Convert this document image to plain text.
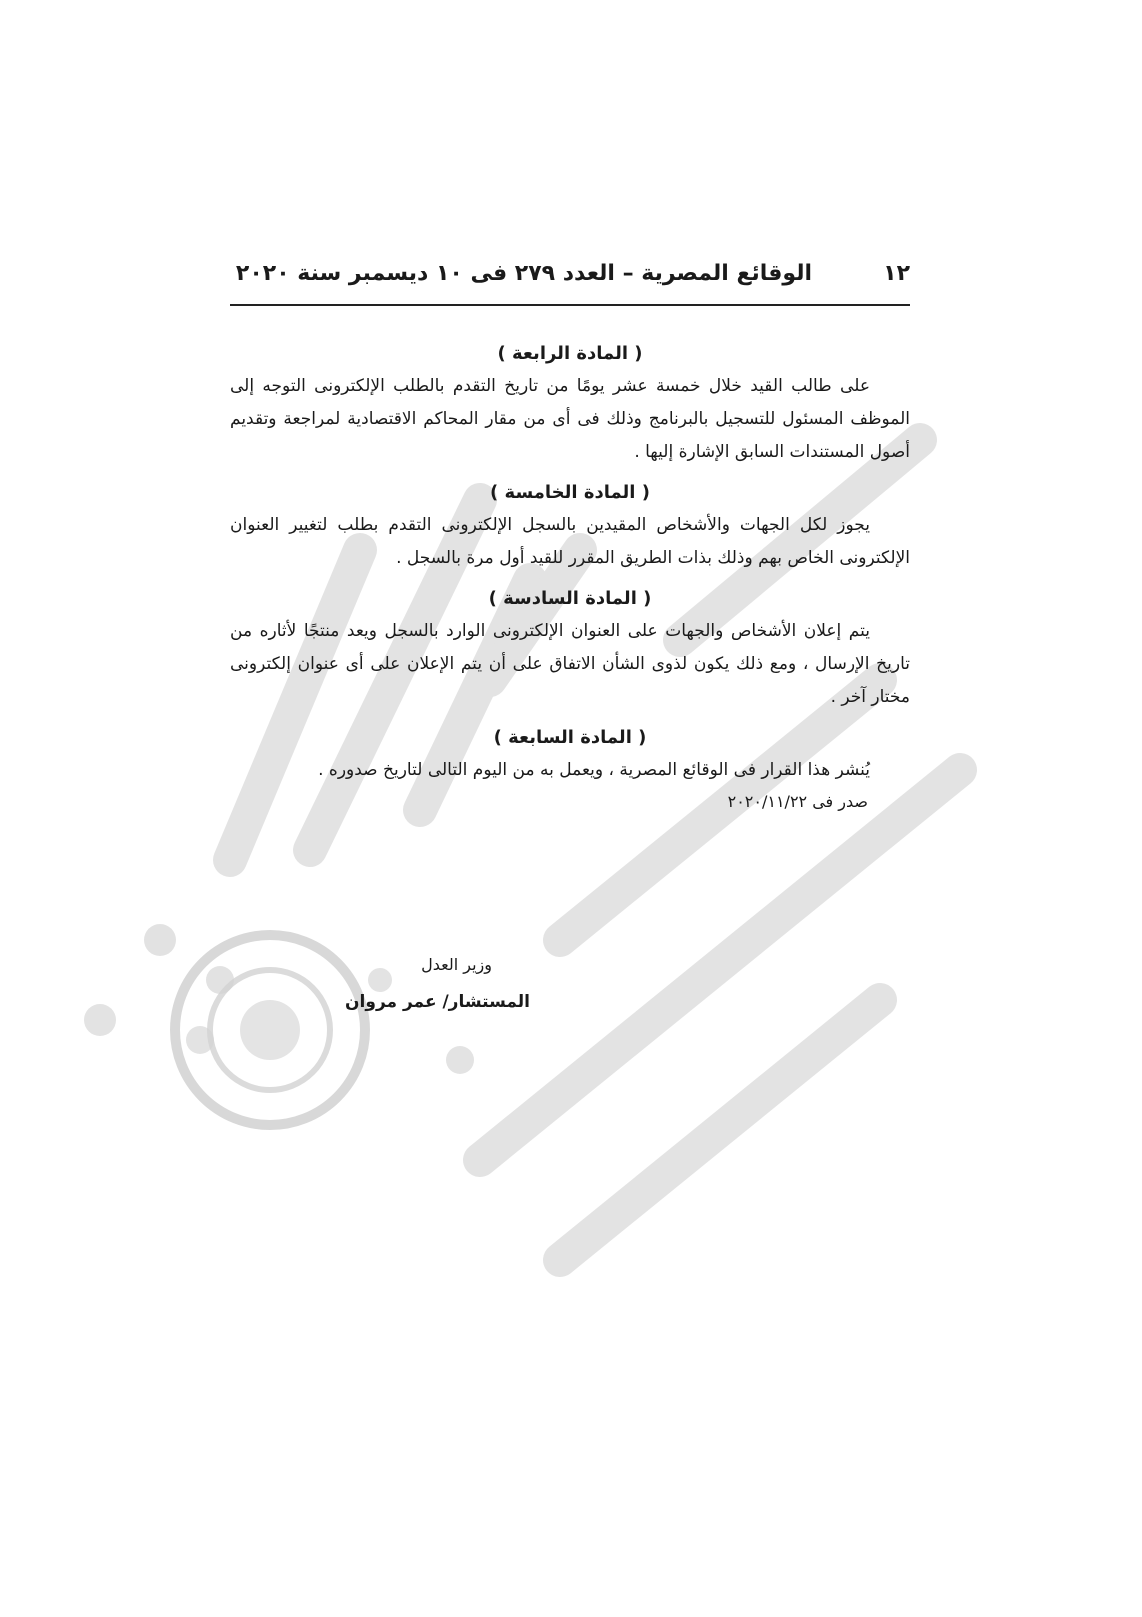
١٢
الوقائع المصرية – العدد ٢٧٩ فى ١٠ ديسمبر سنة ٢٠٢٠
( المادة الرابعة )

على طالب القيد خلال خمسة عشر يومًا من تاريخ التقدم بالطلب الإلكترونى التوجه إلى الموظف المسئول للتسجيل بالبرنامج وذلك فى أى من مقار المحاكم الاقتصادية لمراجعة وتقديم أصول المستندات السابق الإشارة إليها .

( المادة الخامسة )

يجوز لكل الجهات والأشخاص المقيدين بالسجل الإلكترونى التقدم بطلب لتغيير العنوان الإلكترونى الخاص بهم وذلك بذات الطريق المقرر للقيد أول مرة بالسجل .

( المادة السادسة )

يتم إعلان الأشخاص والجهات على العنوان الإلكترونى الوارد بالسجل ويعد منتجًا لأثاره من تاريخ الإرسال ، ومع ذلك يكون لذوى الشأن الاتفاق على أن يتم الإعلان على أى عنوان إلكترونى مختار آخر .

( المادة السابعة )

يُنشر هذا القرار فى الوقائع المصرية ، ويعمل به من اليوم التالى لتاريخ صدوره .

صدر فى ٢٠٢٠/١١/٢٢
وزير العدل
المستشار/ عمر مروان
